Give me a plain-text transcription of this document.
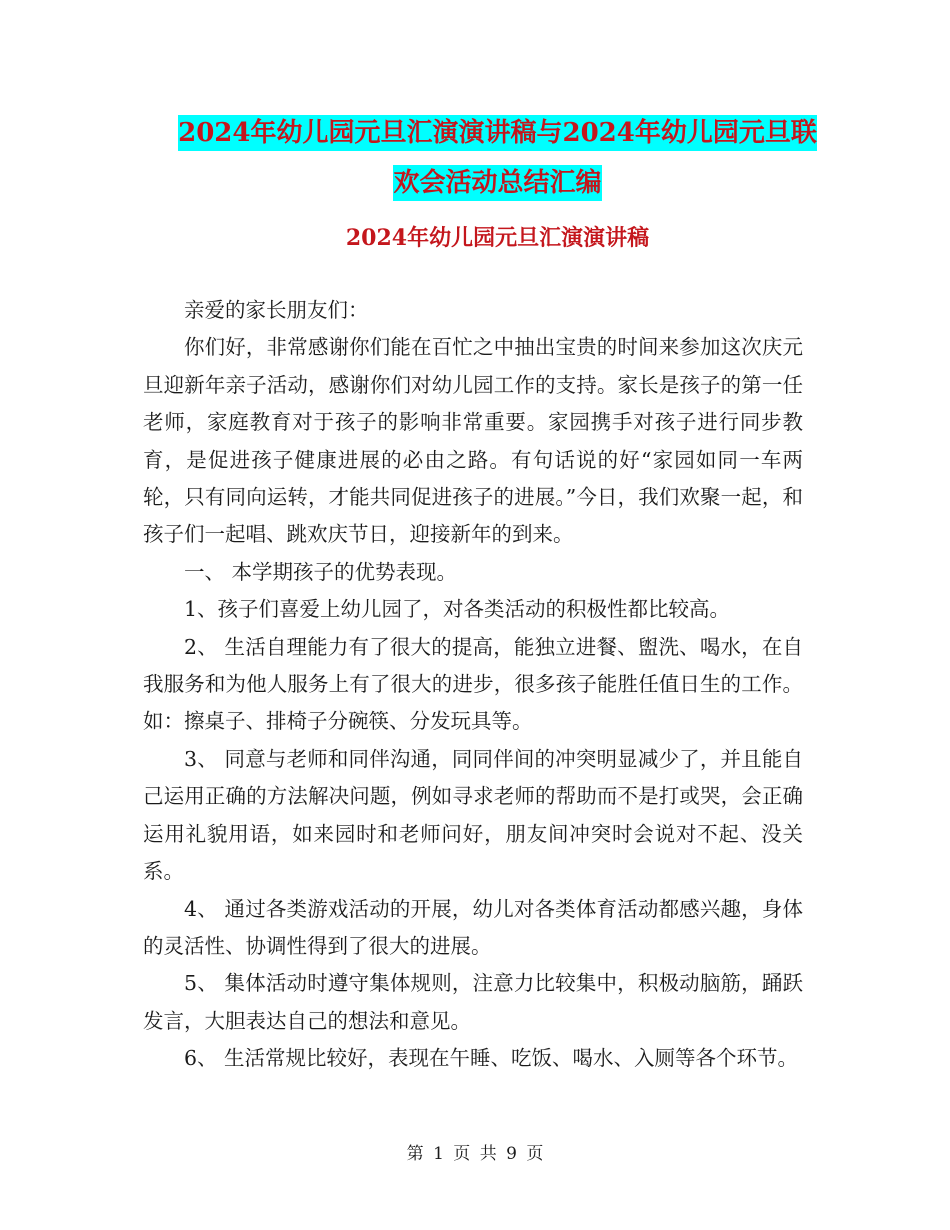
2024年幼儿园元旦汇演演讲稿与2024年幼儿园元旦联
欢会活动总结汇编
2024年幼儿园元旦汇演演讲稿

亲爱的家长朋友们：

你们好，非常感谢你们能在百忙之中抽出宝贵的时间来参加这次庆元旦迎新年亲子活动，感谢你们对幼儿园工作的支持。家长是孩子的第一任老师，家庭教育对于孩子的影响非常重要。家园携手对孩子进行同步教育，是促进孩子健康进展的必由之路。有句话说的好“家园如同一车两轮，只有同向运转，才能共同促进孩子的进展。”今日，我们欢聚一起，和孩子们一起唱、跳欢庆节日，迎接新年的到来。

一、 本学期孩子的优势表现。

1、孩子们喜爱上幼儿园了，对各类活动的积极性都比较高。

2、 生活自理能力有了很大的提高，能独立进餐、盥洗、喝水，在自我服务和为他人服务上有了很大的进步，很多孩子能胜任值日生的工作。如：擦桌子、排椅子分碗筷、分发玩具等。

3、 同意与老师和同伴沟通，同同伴间的冲突明显减少了，并且能自己运用正确的方法解决问题，例如寻求老师的帮助而不是打或哭，会正确运用礼貌用语，如来园时和老师问好，朋友间冲突时会说对不起、没关系。

4、 通过各类游戏活动的开展，幼儿对各类体育活动都感兴趣，身体的灵活性、协调性得到了很大的进展。

5、 集体活动时遵守集体规则，注意力比较集中，积极动脑筋，踊跃发言，大胆表达自己的想法和意见。

6、 生活常规比较好，表现在午睡、吃饭、喝水、入厕等各个环节。

第 1 页 共 9 页
